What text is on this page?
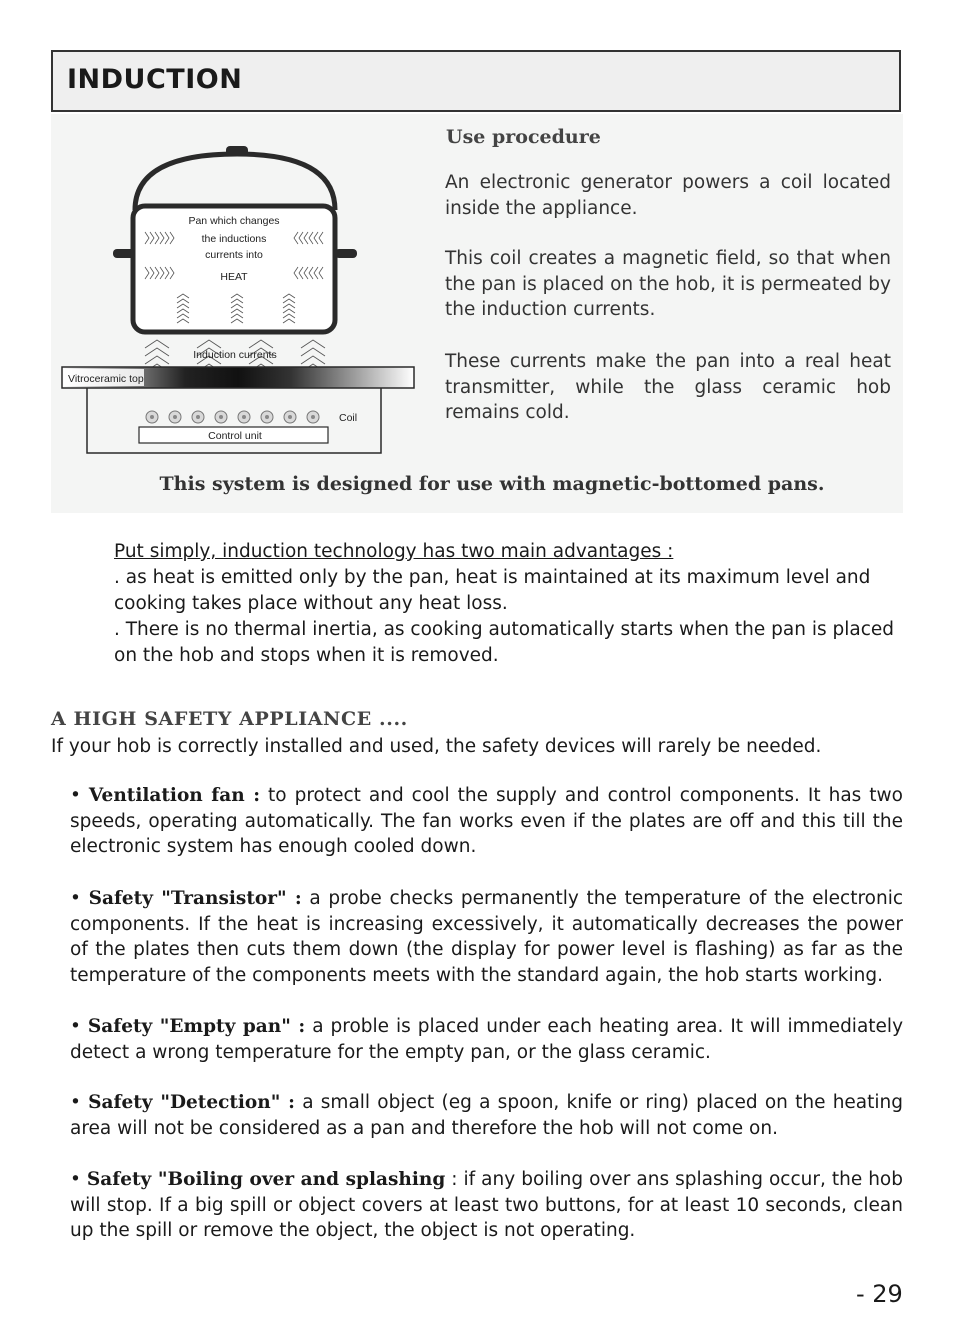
INDUCTION
Pan which changes
the inductions
currents into
HEAT
Induction currents
Vitroceramic top
Coil
Control unit
Use procedure

An electronic generator powers a coil located inside the appliance.

This coil creates a magnetic field, so that when the pan is placed on the hob, it is permeated by the induction currents.

These currents make the pan into a real heat transmitter, while the glass ceramic hob remains cold.

This system is designed for use with magnetic-bottomed pans.

Put simply, induction technology has two main advantages :

. as heat is emitted only by the pan, heat is maintained at its maximum level and cooking takes place without any heat loss.

. There is no thermal inertia, as cooking automatically starts when the pan is placed on the hob and stops when it is removed.

A HIGH SAFETY APPLIANCE ....

If your hob is correctly installed and used, the safety devices will rarely be needed.

• Ventilation fan : to protect and cool the supply and control components. It has two speeds, operating automatically. The fan works even if the plates are off and this till the electronic system has enough cooled down.

• Safety "Transistor" : a probe checks permanently the temperature of the electronic components. If the heat is increasing excessively, it automatically decreases the power of the plates then cuts them down (the display for power level is flashing) as far as the temperature of the components meets with the standard again, the hob starts working.

• Safety "Empty pan" : a proble is placed under each heating area. It will immediately detect a wrong temperature for the empty pan, or the glass ceramic.

• Safety "Detection" : a small object (eg a spoon, knife or ring) placed on the heating area will not be considered as a pan and therefore the hob will not come on.

• Safety "Boiling over and splashing : if any boiling over ans splashing occur, the hob will stop. If a big spill or object covers at least two buttons, for at least 10 seconds, clean up the spill or remove the object, the object is not operating.

- 29
